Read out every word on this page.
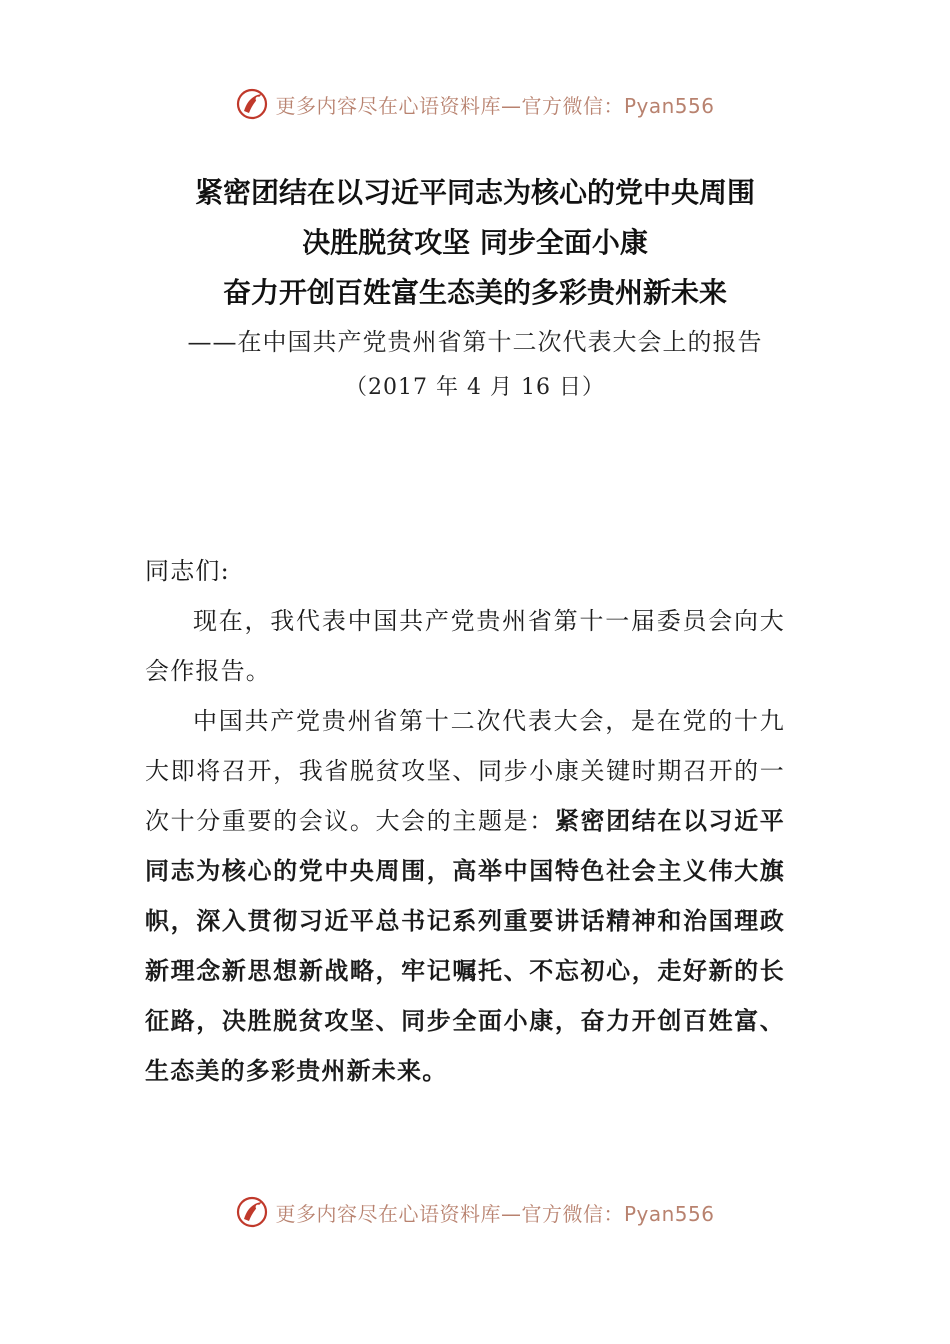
更多内容尽在心语资料库—官方微信：Pyan556
紧密团结在以习近平同志为核心的党中央周围
决胜脱贫攻坚 同步全面小康
奋力开创百姓富生态美的多彩贵州新未来
——在中国共产党贵州省第十二次代表大会上的报告
（2017 年 4 月 16 日）

同志们:

现在，我代表中国共产党贵州省第十一届委员会向大会作报告。

中国共产党贵州省第十二次代表大会，是在党的十九大即将召开，我省脱贫攻坚、同步小康关键时期召开的一次十分重要的会议。大会的主题是：紧密团结在以习近平同志为核心的党中央周围，高举中国特色社会主义伟大旗帜，深入贯彻习近平总书记系列重要讲话精神和治国理政新理念新思想新战略，牢记嘱托、不忘初心，走好新的长征路，决胜脱贫攻坚、同步全面小康，奋力开创百姓富、生态美的多彩贵州新未来。

更多内容尽在心语资料库—官方微信：Pyan556
